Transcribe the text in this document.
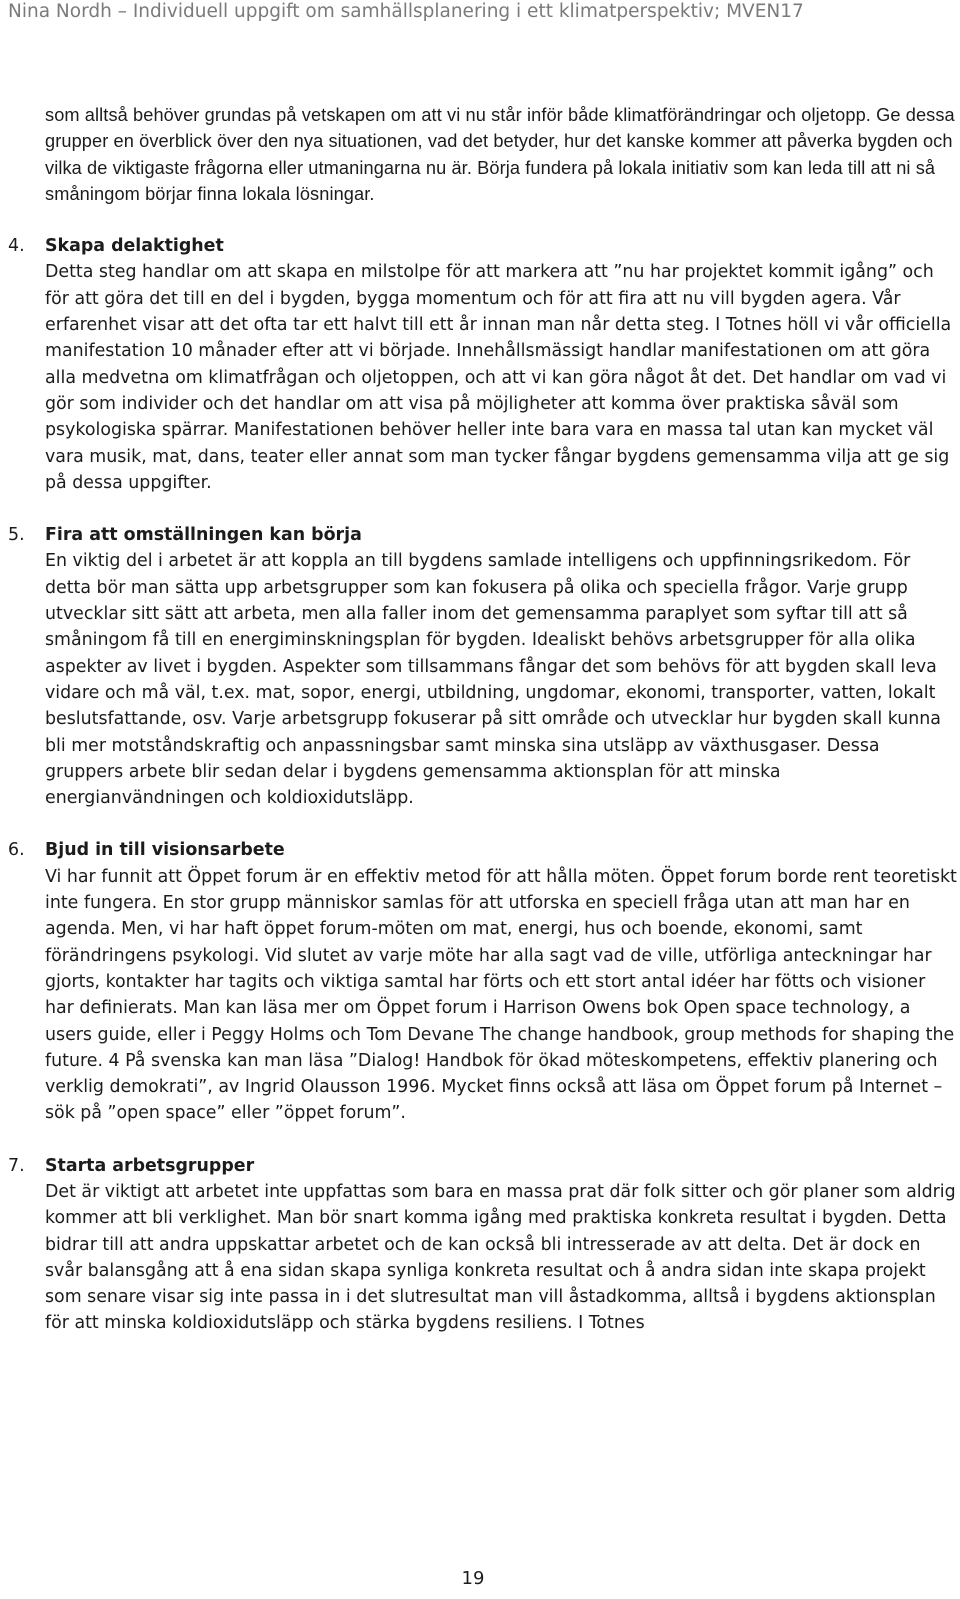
Nina Nordh – Individuell uppgift om samhällsplanering i ett klimatperspektiv; MVEN17

som alltså behöver grundas på vetskapen om att vi nu står inför både klimatförändringar och oljetopp. Ge dessa grupper en överblick över den nya situationen, vad det betyder, hur det kanske kommer att påverka bygden och vilka de viktigaste frågorna eller utmaningarna nu är. Börja fundera på lokala initiativ som kan leda till att ni så småningom börjar finna lokala lösningar.

4. Skapa delaktighet
Detta steg handlar om att skapa en milstolpe för att markera att ”nu har projektet kommit igång” och för att göra det till en del i bygden, bygga momentum och för att fira att nu vill bygden agera. Vår erfarenhet visar att det ofta tar ett halvt till ett år innan man når detta steg. I Totnes höll vi vår officiella manifestation 10 månader efter att vi började. Innehållsmässigt handlar manifestationen om att göra alla medvetna om klimatfrågan och oljetoppen, och att vi kan göra något åt det. Det handlar om vad vi gör som individer och det handlar om att visa på möjligheter att komma över praktiska såväl som psykologiska spärrar. Manifestationen behöver heller inte bara vara en massa tal utan kan mycket väl vara musik, mat, dans, teater eller annat som man tycker fångar bygdens gemensamma vilja att ge sig på dessa uppgifter.
5. Fira att omställningen kan börja
En viktig del i arbetet är att koppla an till bygdens samlade intelligens och uppfinningsrikedom. För detta bör man sätta upp arbetsgrupper som kan fokusera på olika och speciella frågor. Varje grupp utvecklar sitt sätt att arbeta, men alla faller inom det gemensamma paraplyet som syftar till att så småningom få till en energiminskningsplan för bygden. Idealiskt behövs arbetsgrupper för alla olika aspekter av livet i bygden. Aspekter som tillsammans fångar det som behövs för att bygden skall leva vidare och må väl, t.ex. mat, sopor, energi, utbildning, ungdomar, ekonomi, transporter, vatten, lokalt beslutsfattande, osv. Varje arbetsgrupp fokuserar på sitt område och utvecklar hur bygden skall kunna bli mer motståndskraftig och anpassningsbar samt minska sina utsläpp av växthusgaser. Dessa gruppers arbete blir sedan delar i bygdens gemensamma aktionsplan för att minska energianvändningen och koldioxidutsläpp.
6. Bjud in till visionsarbete
Vi har funnit att Öppet forum är en effektiv metod för att hålla möten. Öppet forum borde rent teoretiskt inte fungera. En stor grupp människor samlas för att utforska en speciell fråga utan att man har en agenda. Men, vi har haft öppet forum-möten om mat, energi, hus och boende, ekonomi, samt förändringens psykologi. Vid slutet av varje möte har alla sagt vad de ville, utförliga anteckningar har gjorts, kontakter har tagits och viktiga samtal har förts och ett stort antal idéer har fötts och visioner har definierats. Man kan läsa mer om Öppet forum i Harrison Owens bok Open space technology, a users guide, eller i Peggy Holms och Tom Devane The change handbook, group methods for shaping the future. 4 På svenska kan man läsa ”Dialog! Handbok för ökad möteskompetens, effektiv planering och verklig demokrati”, av Ingrid Olausson 1996. Mycket finns också att läsa om Öppet forum på Internet – sök på ”open space” eller ”öppet forum”.
7. Starta arbetsgrupper
Det är viktigt att arbetet inte uppfattas som bara en massa prat där folk sitter och gör planer som aldrig kommer att bli verklighet. Man bör snart komma igång med praktiska konkreta resultat i bygden. Detta bidrar till att andra uppskattar arbetet och de kan också bli intresserade av att delta. Det är dock en svår balansgång att å ena sidan skapa synliga konkreta resultat och å andra sidan inte skapa projekt som senare visar sig inte passa in i det slutresultat man vill åstadkomma, alltså i bygdens aktionsplan för att minska koldioxidutsläpp och stärka bygdens resiliens. I Totnes
19
